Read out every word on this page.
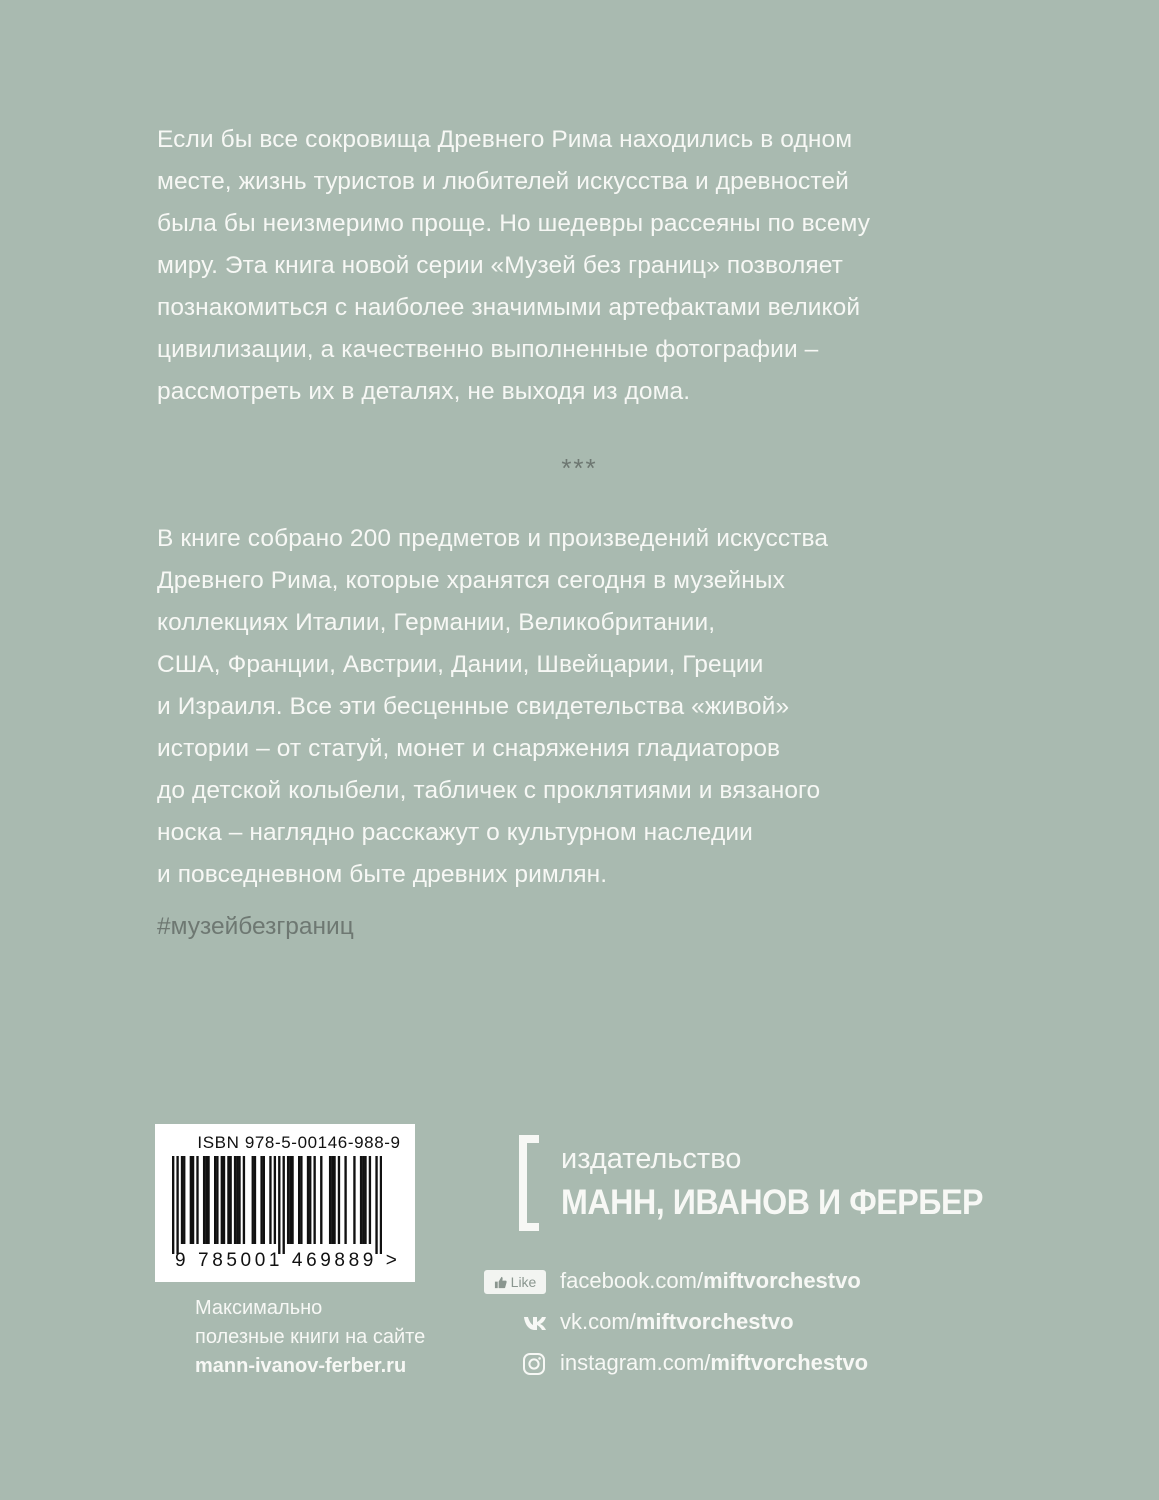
Если бы все сокровища Древнего Рима находились в одном
месте, жизнь туристов и любителей искусства и древностей
была бы неизмеримо проще. Но шедевры рассеяны по всему
миру. Эта книга новой серии «Музей без границ» позволяет
познакомиться с наиболее значимыми артефактами великой
цивилизации, а качественно выполненные фотографии –
рассмотреть их в деталях, не выходя из дома.
***
В книге собрано 200 предметов и произведений искусства
Древнего Рима, которые хранятся сегодня в музейных
коллекциях Италии, Германии, Великобритании,
США, Франции, Австрии, Дании, Швейцарии, Греции
и Израиля. Все эти бесценные свидетельства «живой»
истории – от статуй, монет и снаряжения гладиаторов
до детской колыбели, табличек с проклятиями и вязаного
носка – наглядно расскажут о культурном наследии
и повседневном быте древних римлян.
#музейбезграниц
ISBN 978-5-00146-988-9
9 785001 469889 >
Максимально
полезные книги на сайте
mann-ivanov-ferber.ru
издательство
МАНН, ИВАНОВ И ФЕРБЕР
Like facebook.com/miftvorchestvo
vk.com/miftvorchestvo
instagram.com/miftvorchestvo
